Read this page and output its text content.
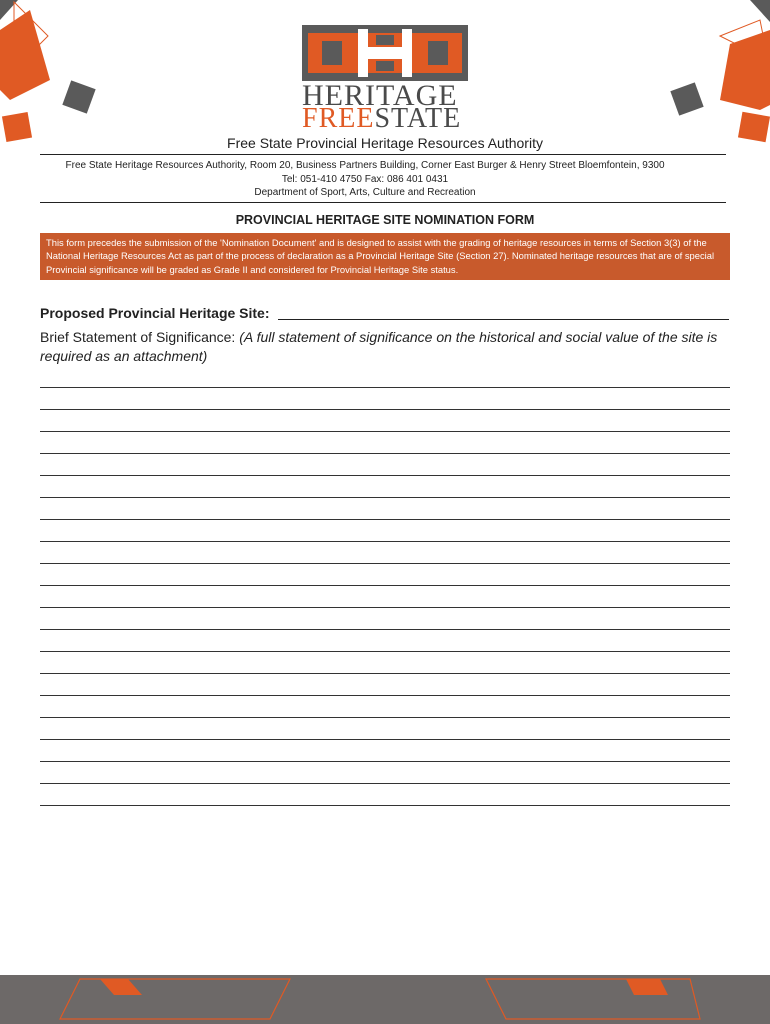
HERITAGE
FREESTATE
Free State Provincial Heritage Resources Authority
Free State Heritage Resources Authority, Room 20, Business Partners Building, Corner East Burger & Henry Street Bloemfontein, 9300
Tel: 051-410 4750 Fax: 086 401 0431
Department of Sport, Arts, Culture and Recreation
PROVINCIAL HERITAGE SITE NOMINATION FORM
This form precedes the submission of the 'Nomination Document' and is designed to assist with the grading of heritage resources in terms of Section 3(3) of the National Heritage Resources Act as part of the process of declaration as a Provincial Heritage Site (Section 27). Nominated heritage resources that are of special Provincial significance will be graded as Grade II and considered for Provincial Heritage Site status.
Proposed Provincial Heritage Site:
Brief Statement of Significance: (A full statement of significance on the historical and social value of the site is required as an attachment)
